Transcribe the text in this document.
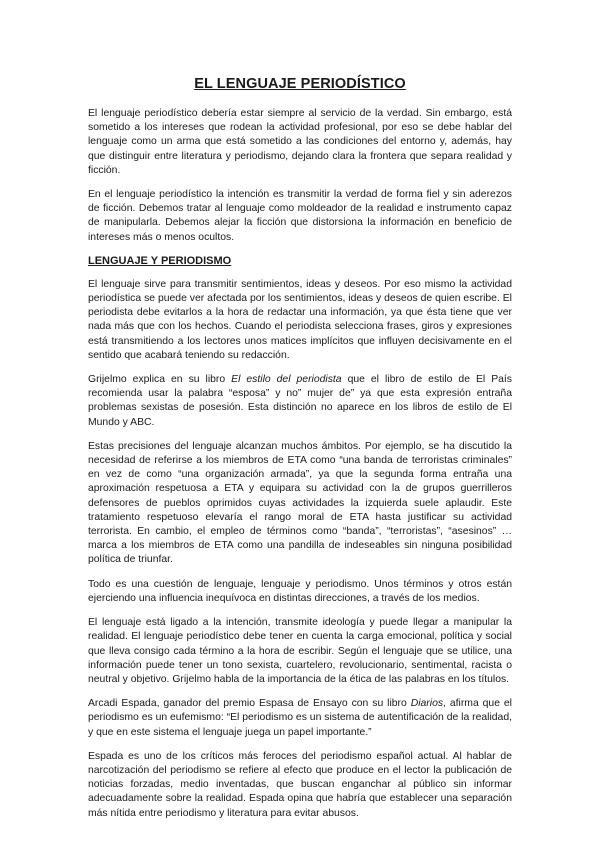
EL LENGUAJE PERIODÍSTICO

El lenguaje periodístico debería estar siempre al servicio de la verdad. Sin embargo, está sometido a los intereses que rodean la actividad profesional, por eso se debe hablar del lenguaje como un arma que está sometido a las condiciones del entorno y, además, hay que distinguir entre literatura y periodismo, dejando clara la frontera que separa realidad y ficción.

En el lenguaje periodístico la intención es transmitir la verdad de forma fiel y sin aderezos de ficción. Debemos tratar al lenguaje como moldeador de la realidad e instrumento capaz de manipularla. Debemos alejar la ficción que distorsiona la información en beneficio de intereses más o menos ocultos.

LENGUAJE Y PERIODISMO

El lenguaje sirve para transmitir sentimientos, ideas y deseos. Por eso mismo la actividad periodística se puede ver afectada por los sentimientos, ideas y deseos de quien escribe. El periodista debe evitarlos a la hora de redactar una información, ya que ésta tiene que ver nada más que con los hechos. Cuando el periodista selecciona frases, giros y expresiones está transmitiendo a los lectores unos matices implícitos que influyen decisivamente en el sentido que acabará teniendo su redacción.

Grijelmo explica en su libro El estilo del periodista que el libro de estilo de El País recomienda usar la palabra “esposa” y no” mujer de” ya que esta expresión entraña problemas sexistas de posesión. Esta distinción no aparece en los libros de estilo de El Mundo y ABC.

Estas precisiones del lenguaje alcanzan muchos ámbitos. Por ejemplo, se ha discutido la necesidad de referirse a los miembros de ETA como “una banda de terroristas criminales” en vez de como “una organización armada”, ya que la segunda forma entraña una aproximación respetuosa a ETA y equipara su actividad con la de grupos guerrilleros defensores de pueblos oprimidos cuyas actividades la izquierda suele aplaudir. Este tratamiento respetuoso elevaría el rango moral de ETA hasta justificar su actividad terrorista. En cambio, el empleo de términos como “banda”, “terroristas”, “asesinos” … marca a los miembros de ETA como una pandilla de indeseables sin ninguna posibilidad política de triunfar.

Todo es una cuestión de lenguaje, lenguaje y periodismo. Unos términos y otros están ejerciendo una influencia inequívoca en distintas direcciones, a través de los medios.

El lenguaje está ligado a la intención, transmite ideología y puede llegar a manipular la realidad. El lenguaje periodístico debe tener en cuenta la carga emocional, política y social que lleva consigo cada término a la hora de escribir. Según el lenguaje que se utilice, una información puede tener un tono sexista, cuartelero, revolucionario, sentimental, racista o neutral y objetivo. Grijelmo habla de la importancia de la ética de las palabras en los títulos.

Arcadi Espada, ganador del premio Espasa de Ensayo con su libro Diarios, afirma que el periodismo es un eufemismo: “El periodismo es un sistema de autentificación de la realidad, y que en este sistema el lenguaje juega un papel importante.”

Espada es uno de los críticos más feroces del periodismo español actual. Al hablar de narcotización del periodismo se refiere al efecto que produce en el lector la publicación de noticias forzadas, medio inventadas, que buscan enganchar al público sin informar adecuadamente sobre la realidad. Espada opina que habría que establecer una separación más nítida entre periodismo y literatura para evitar abusos.
